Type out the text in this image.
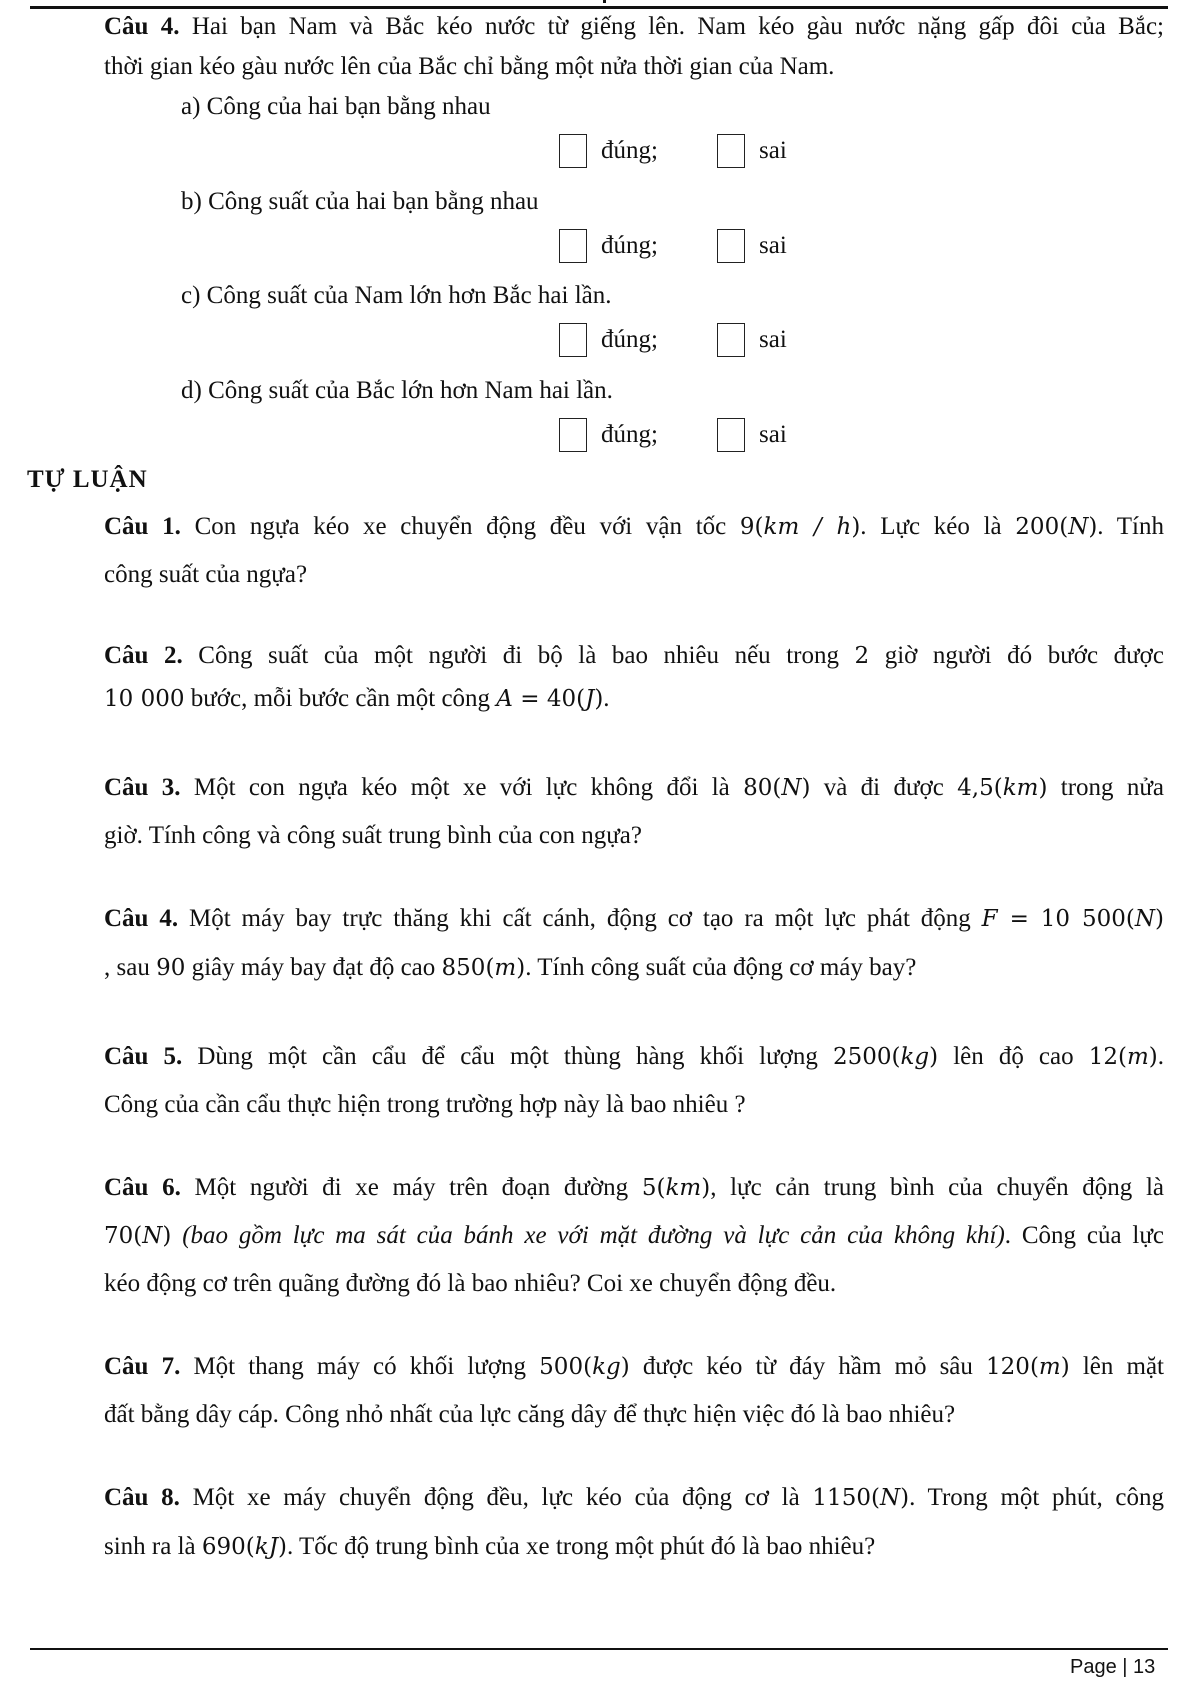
Câu 4. Hai bạn Nam và Bắc kéo nước từ giếng lên. Nam kéo gàu nước nặng gấp đôi của Bắc;
thời gian kéo gàu nước lên của Bắc chỉ bằng một nửa thời gian của Nam.
a) Công của hai bạn bằng nhau
đúng;	sai
b) Công suất của hai bạn bằng nhau
đúng;	sai
c) Công suất của Nam lớn hơn Bắc hai lần.
đúng;	sai
d) Công suất của Bắc lớn hơn Nam hai lần.
đúng;	sai
TỰ LUẬN
Câu 1. Con ngựa kéo xe chuyển động đều với vận tốc 9(km / h). Lực kéo là 200(N). Tính
công suất của ngựa?
Câu 2. Công suất của một người đi bộ là bao nhiêu nếu trong 2 giờ người đó bước được
10 000 bước, mỗi bước cần một công A = 40(J).
Câu 3. Một con ngựa kéo một xe với lực không đổi là 80(N) và đi được 4,5(km) trong nửa
giờ. Tính công và công suất trung bình của con ngựa?
Câu 4. Một máy bay trực thăng khi cất cánh, động cơ tạo ra một lực phát động F = 10 500(N)
, sau 90 giây máy bay đạt độ cao 850(m). Tính công suất của động cơ máy bay?
Câu 5. Dùng một cần cẩu để cẩu một thùng hàng khối lượng 2500(kg) lên độ cao 12(m).
Công của cần cẩu thực hiện trong trường hợp này là bao nhiêu ?
Câu 6. Một người đi xe máy trên đoạn đường 5(km), lực cản trung bình của chuyển động là
70(N) (bao gồm lực ma sát của bánh xe với mặt đường và lực cản của không khí). Công của lực
kéo động cơ trên quãng đường đó là bao nhiêu? Coi xe chuyển động đều.
Câu 7. Một thang máy có khối lượng 500(kg) được kéo từ đáy hầm mỏ sâu 120(m) lên mặt
đất bằng dây cáp. Công nhỏ nhất của lực căng dây để thực hiện việc đó là bao nhiêu?
Câu 8. Một xe máy chuyển động đều, lực kéo của động cơ là 1150(N). Trong một phút, công
sinh ra là 690(kJ). Tốc độ trung bình của xe trong một phút đó là bao nhiêu?
Page | 13
